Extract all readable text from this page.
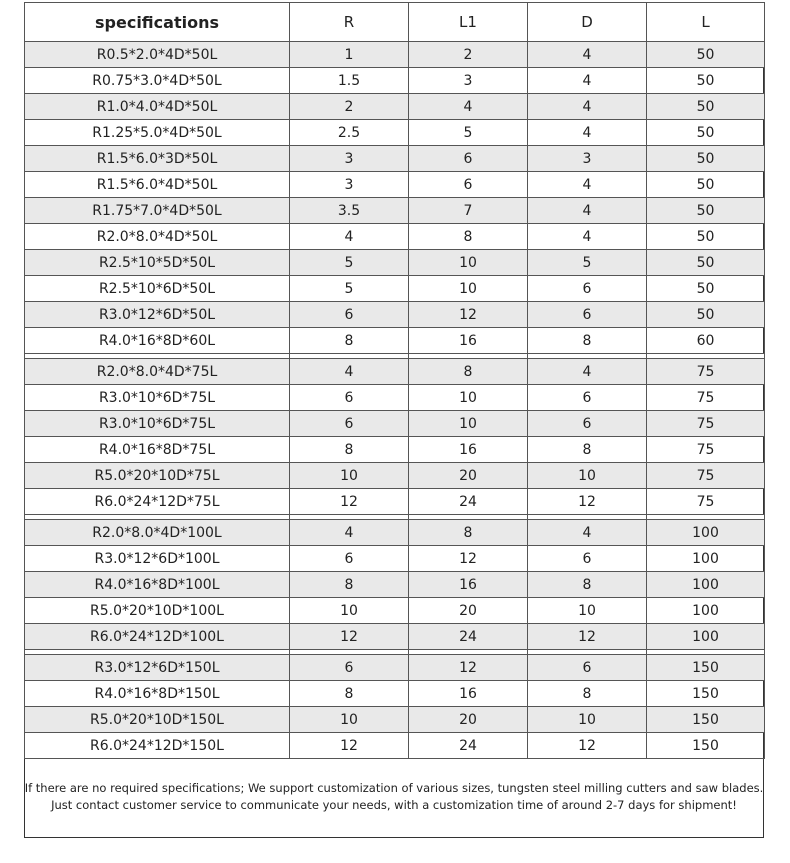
specifications	R	L1	D	L
R0.5*2.0*4D*50L	1	2	4	50
R0.75*3.0*4D*50L	1.5	3	4	50
R1.0*4.0*4D*50L	2	4	4	50
R1.25*5.0*4D*50L	2.5	5	4	50
R1.5*6.0*3D*50L	3	6	3	50
R1.5*6.0*4D*50L	3	6	4	50
R1.75*7.0*4D*50L	3.5	7	4	50
R2.0*8.0*4D*50L	4	8	4	50
R2.5*10*5D*50L	5	10	5	50
R2.5*10*6D*50L	5	10	6	50
R3.0*12*6D*50L	6	12	6	50
R4.0*16*8D*60L	8	16	8	60

R2.0*8.0*4D*75L	4	8	4	75
R3.0*10*6D*75L	6	10	6	75
R3.0*10*6D*75L	6	10	6	75
R4.0*16*8D*75L	8	16	8	75
R5.0*20*10D*75L	10	20	10	75
R6.0*24*12D*75L	12	24	12	75

R2.0*8.0*4D*100L	4	8	4	100
R3.0*12*6D*100L	6	12	6	100
R4.0*16*8D*100L	8	16	8	100
R5.0*20*10D*100L	10	20	10	100
R6.0*24*12D*100L	12	24	12	100

R3.0*12*6D*150L	6	12	6	150
R4.0*16*8D*150L	8	16	8	150
R5.0*20*10D*150L	10	20	10	150
R6.0*24*12D*150L	12	24	12	150
If there are no required specifications; We support customization of various sizes, tungsten steel milling cutters and saw blades.
Just contact customer service to communicate your needs, with a customization time of around 2-7 days for shipment!
